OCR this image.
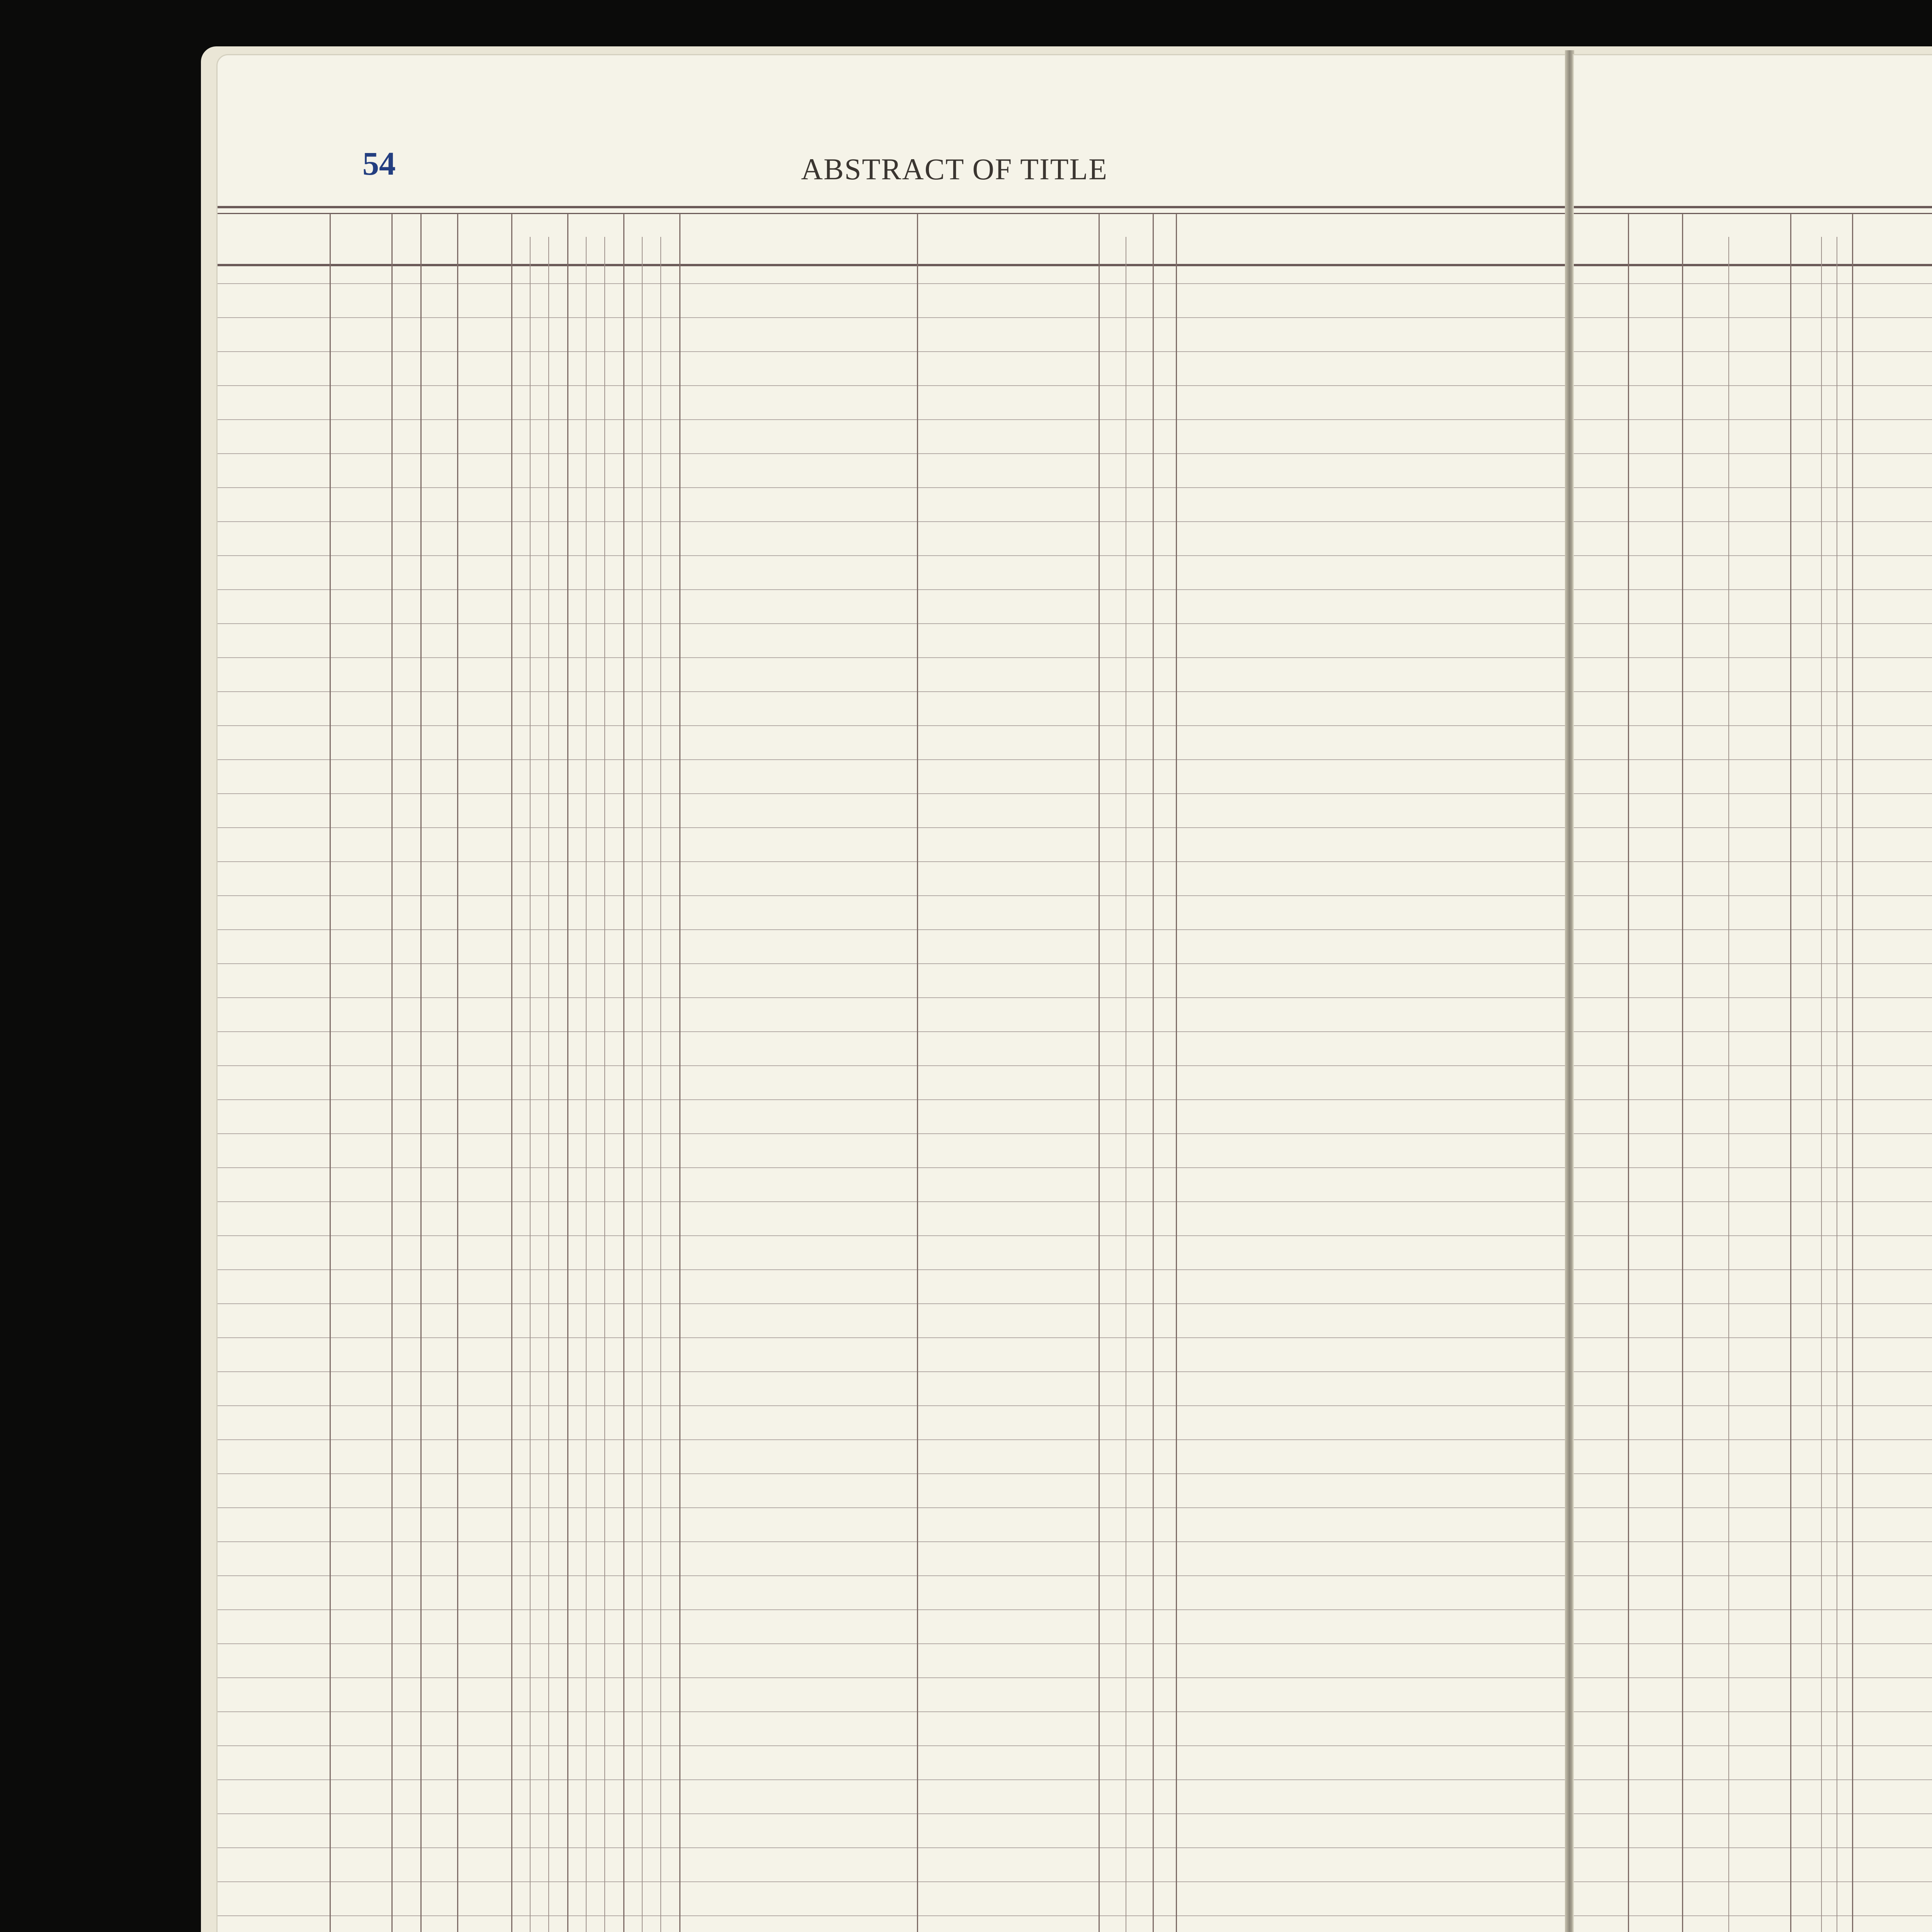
54	ABSTRACT OF TITLE
